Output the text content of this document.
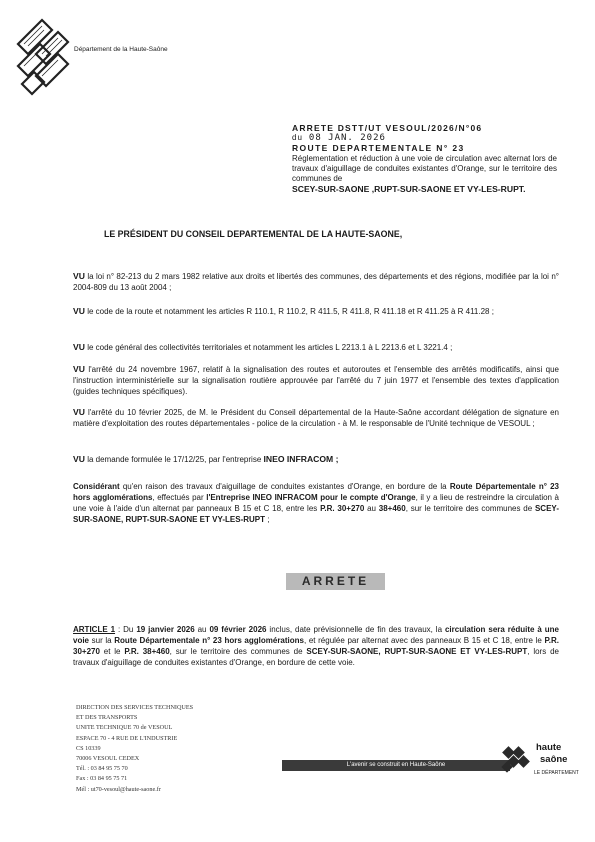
Département de la Haute-Saône
ARRETE DSTT/UT VESOUL/2026/N°06
du 08 JAN. 2026
ROUTE DEPARTEMENTALE N° 23
Réglementation et réduction à une voie de circulation avec alternat lors de travaux d'aiguillage de conduites existantes d'Orange, sur le territoire des communes de
SCEY-SUR-SAONE ,RUPT-SUR-SAONE ET VY-LES-RUPT.
LE PRÉSIDENT DU CONSEIL DEPARTEMENTAL DE LA HAUTE-SAONE,
VU la loi n° 82-213 du 2 mars 1982 relative aux droits et libertés des communes, des départements et des régions, modifiée par la loi n° 2004-809 du 13 août 2004 ;
VU le code de la route et notamment les articles R 110.1, R 110.2, R 411.5, R 411.8, R 411.18 et R 411.25 à R 411.28 ;
VU le code général des collectivités territoriales et notamment les articles L 2213.1 à L 2213.6 et L 3221.4 ;
VU l'arrêté du 24 novembre 1967, relatif à la signalisation des routes et autoroutes et l'ensemble des arrêtés modificatifs, ainsi que l'instruction interministérielle sur la signalisation routière approuvée par l'arrêté du 7 juin 1977 et l'ensemble des textes d'application (guides techniques spécifiques).
VU l'arrêté du 10 février 2025, de M. le Président du Conseil départemental de la Haute-Saône accordant délégation de signature en matière d'exploitation des routes départementales - police de la circulation - à M. le responsable de l'Unité technique de VESOUL ;
VU la demande formulée le 17/12/25, par l'entreprise INEO INFRACOM ;
Considérant qu'en raison des travaux d'aiguillage de conduites existantes d'Orange, en bordure de la Route Départementale n° 23 hors agglomérations, effectués par l'Entreprise INEO INFRACOM pour le compte d'Orange, il y a lieu de restreindre la circulation à une voie à l'aide d'un alternat par panneaux B 15 et C 18, entre les P.R. 30+270 au 38+460, sur le territoire des communes de SCEY-SUR-SAONE, RUPT-SUR-SAONE ET VY-LES-RUPT ;
ARRETE
ARTICLE 1 : Du 19 janvier 2026 au 09 février 2026 inclus, date prévisionnelle de fin des travaux, la circulation sera réduite à une voie sur la Route Départementale n° 23 hors agglomérations, et régulée par alternat avec des panneaux B 15 et C 18, entre le P.R. 30+270 et le P.R. 38+460, sur le territoire des communes de SCEY-SUR-SAONE, RUPT-SUR-SAONE ET VY-LES-RUPT, lors de travaux d'aiguillage de conduites existantes d'Orange, en bordure de cette voie.
DIRECTION DES SERVICES TECHNIQUES
ET DES TRANSPORTS
UNITE TECHNIQUE 70 de VESOUL
ESPACE 70 - 4 RUE DE L'INDUSTRIE
CS 10339
70006 VESOUL CEDEX
Tél. : 03 84 95 75 70
Fax : 03 84 95 75 71
Mél : ut70-vesoul@haute-saone.fr
L'avenir se construit en Haute-Saône
haute
saône
LE DÉPARTEMENT
